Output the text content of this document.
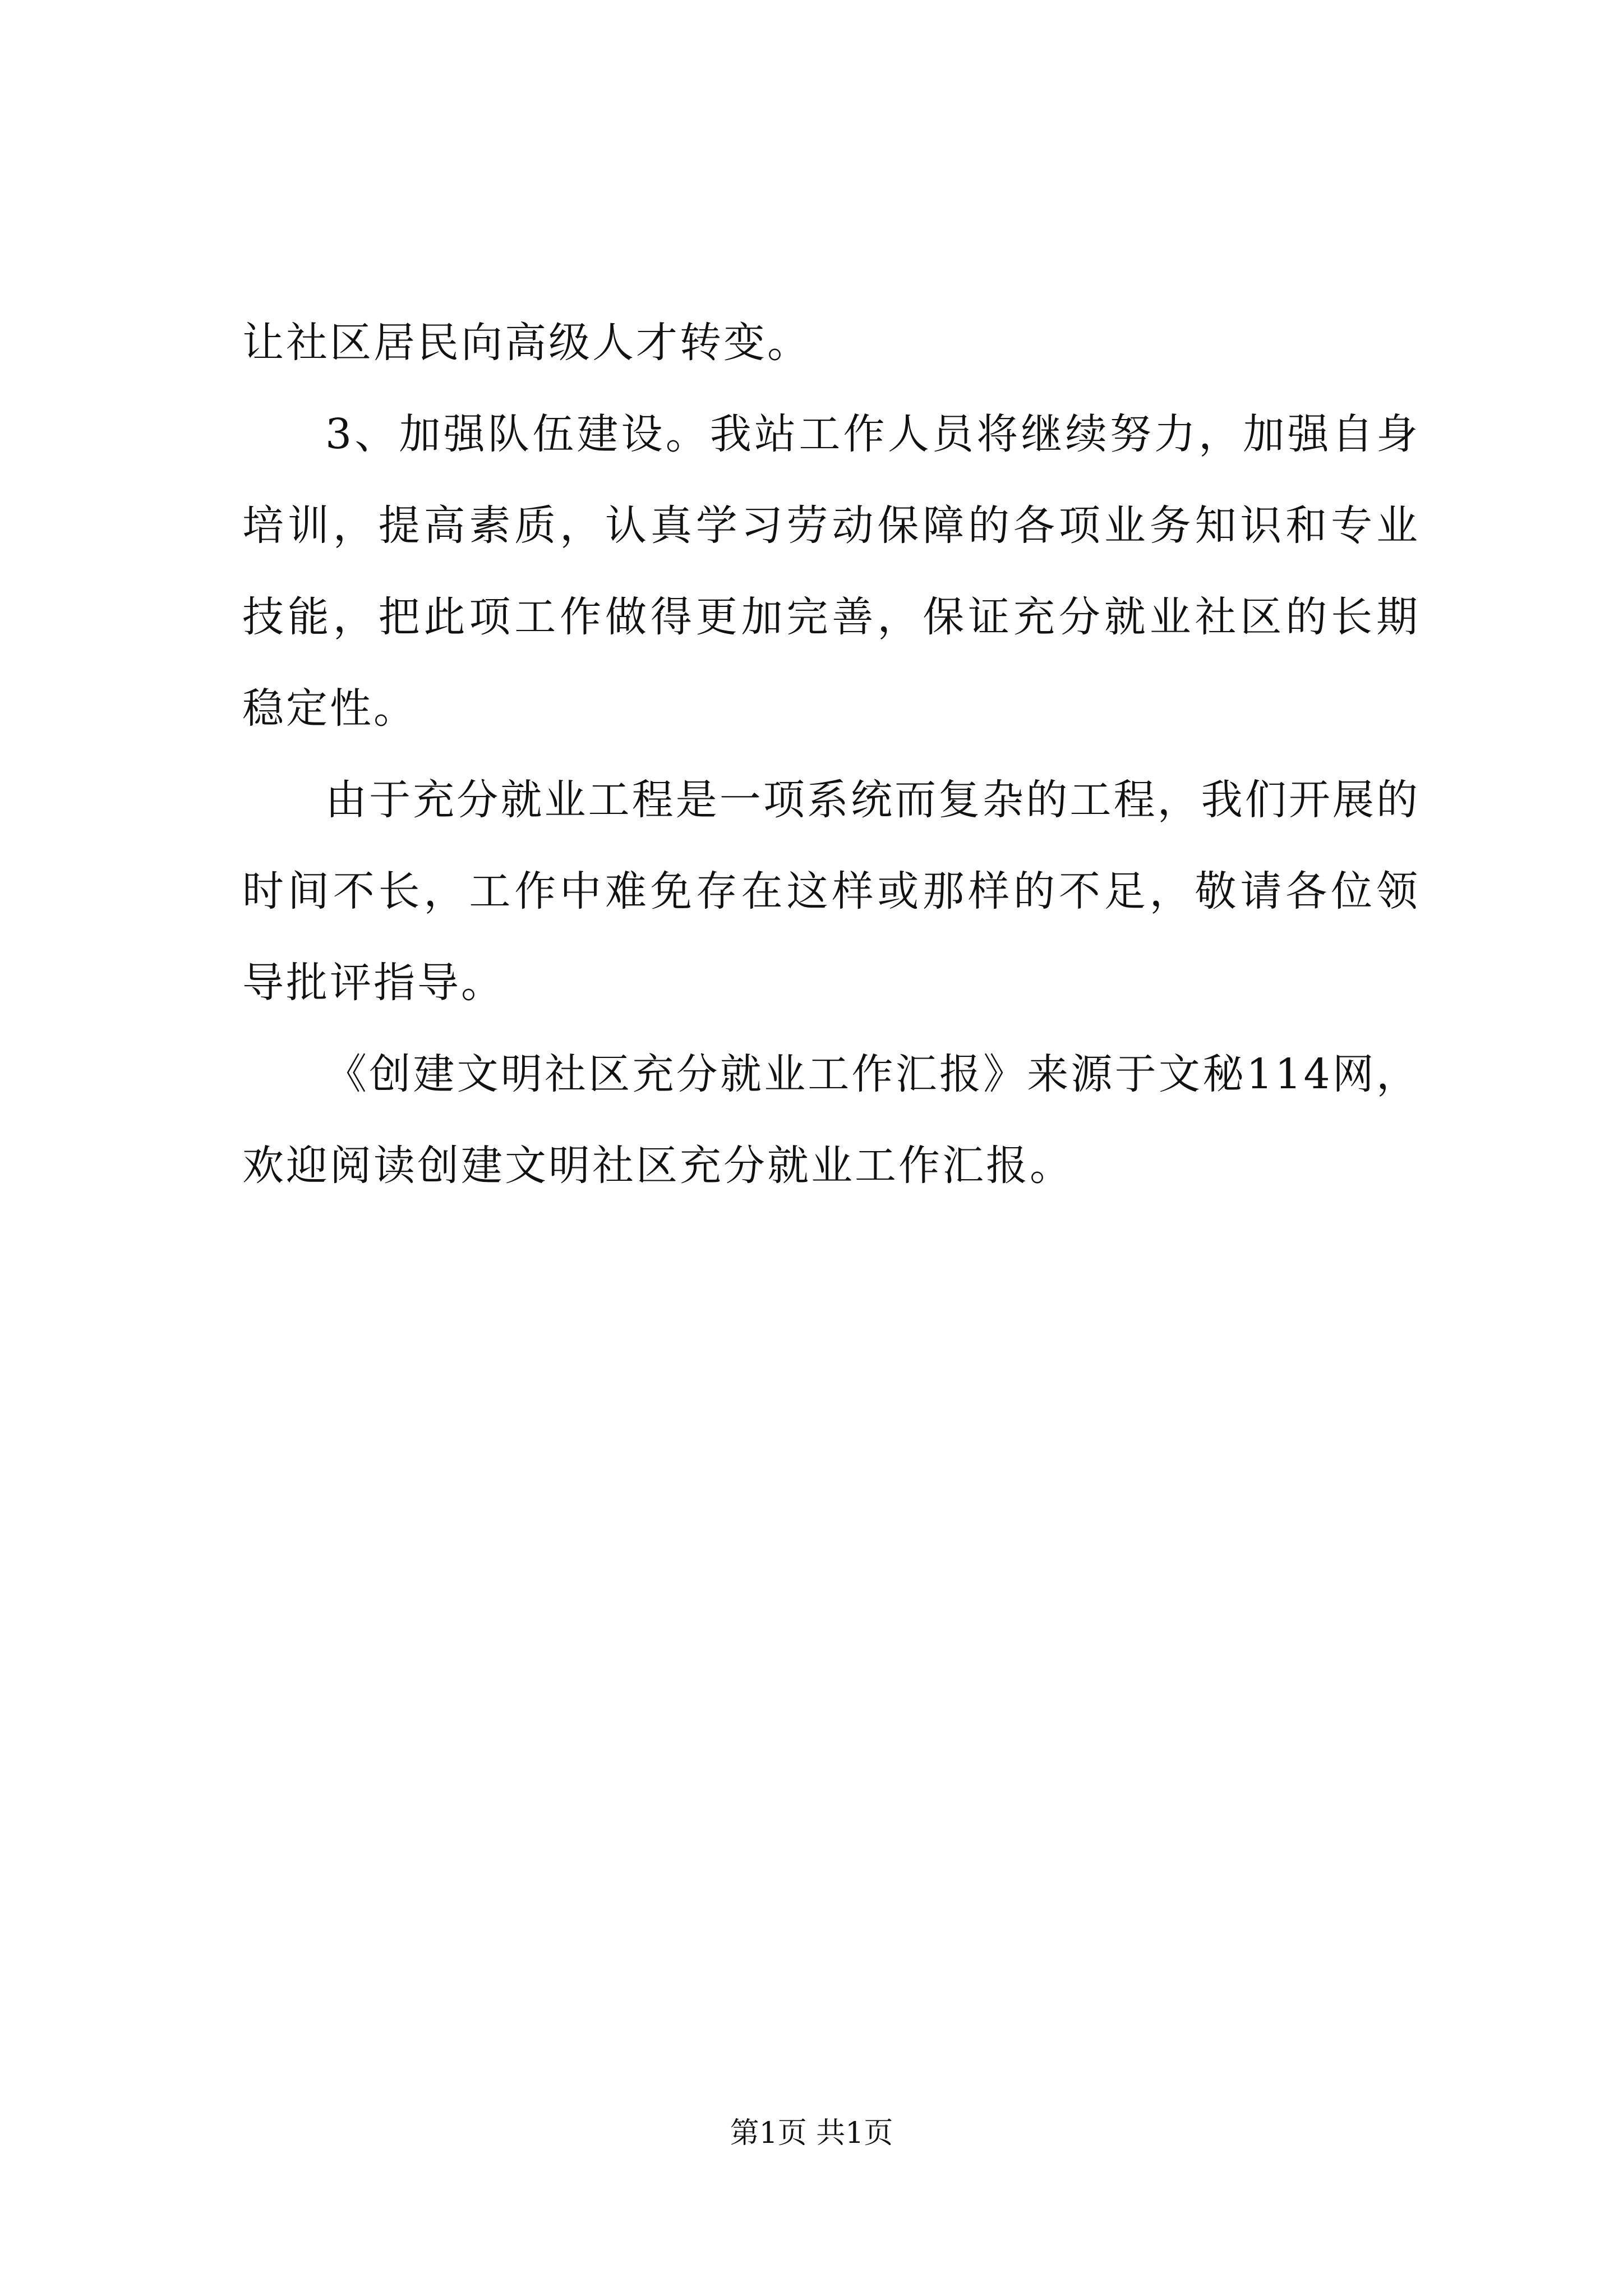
让社区居民向高级人才转变。

3、加强队伍建设。我站工作人员将继续努力，加强自身培训，提高素质，认真学习劳动保障的各项业务知识和专业技能，把此项工作做得更加完善，保证充分就业社区的长期稳定性。

由于充分就业工程是一项系统而复杂的工程，我们开展的时间不长，工作中难免存在这样或那样的不足，敬请各位领导批评指导。

《创建文明社区充分就业工作汇报》来源于文秘114网，欢迎阅读创建文明社区充分就业工作汇报。

第1页 共1页
